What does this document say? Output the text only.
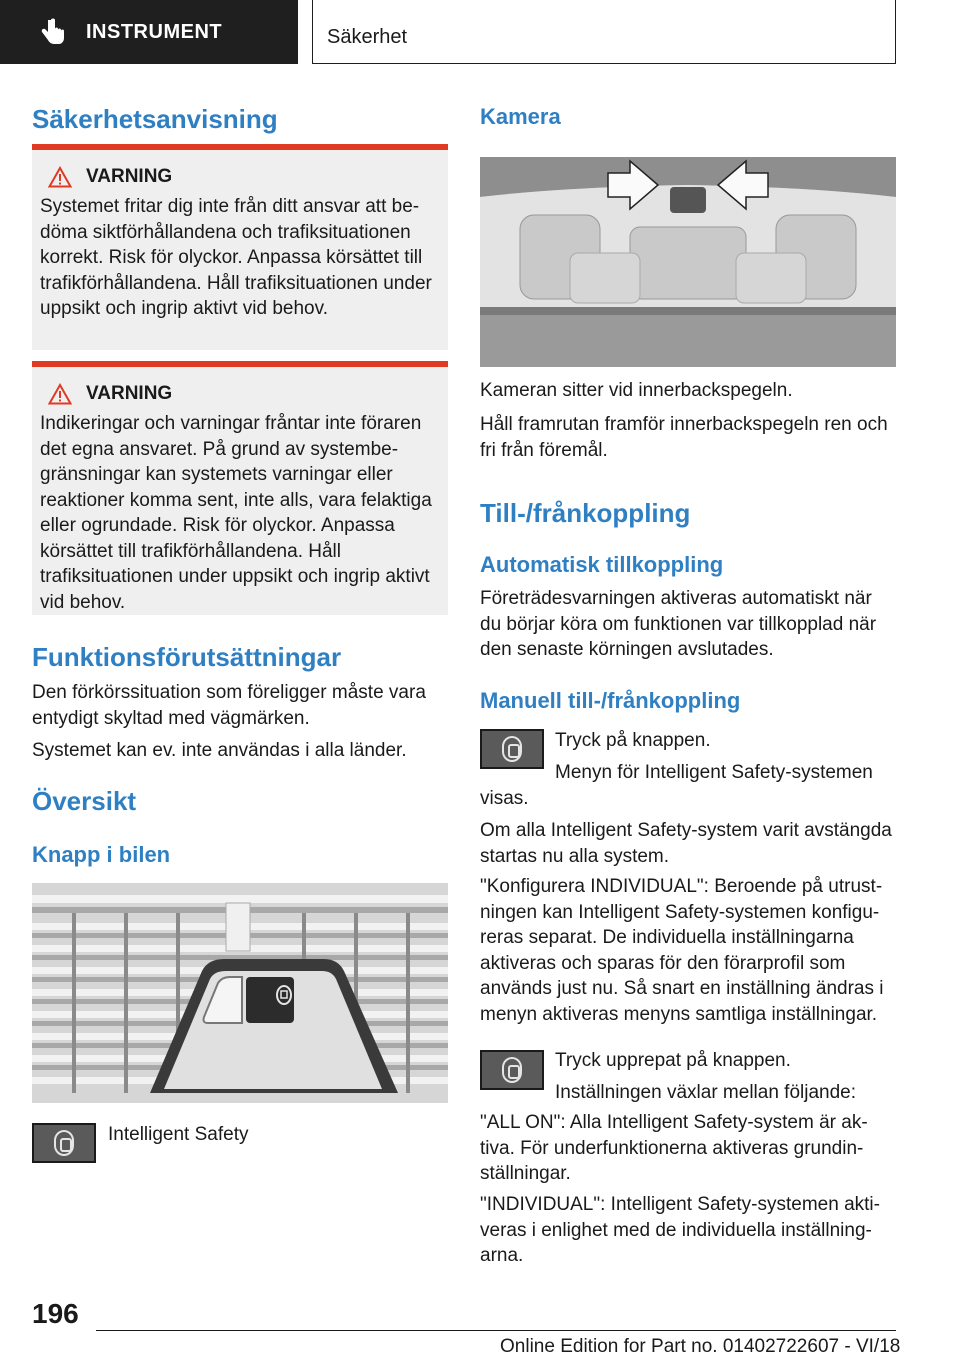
INSTRUMENT	Säkerhet
Säkerhetsanvisning
VARNING
Systemet fritar dig inte från ditt ansvar att bedöma siktförhållandena och trafiksituationen korrekt. Risk för olyckor. Anpassa körsättet till trafikförhållandena. Håll trafiksituationen under uppsikt och ingrip aktivt vid behov.
VARNING
Indikeringar och varningar fråntar inte föraren det egna ansvaret. På grund av systembegränsningar kan systemets varningar eller reaktioner komma sent, inte alls, vara felaktiga eller ogrundade. Risk för olyckor. Anpassa körsättet till trafikförhållandena. Håll trafiksituationen under uppsikt och ingrip aktivt vid behov.
Funktionsförutsättningar
Den förkörssituation som föreligger måste vara entydigt skyltad med vägmärken.
Systemet kan ev. inte användas i alla länder.
Översikt
Knapp i bilen
Intelligent Safety
Kamera
Kameran sitter vid innerbackspegeln.
Håll framrutan framför innerbackspegeln ren och fri från föremål.
Till-/frånkoppling
Automatisk tillkoppling
Företrädesvarningen aktiveras automatiskt när du börjar köra om funktionen var tillkopplad när den senaste körningen avslutades.
Manuell till-/frånkoppling
Tryck på knappen.
Menyn för Intelligent Safety-systemen
visas.
Om alla Intelligent Safety-system varit avstängda startas nu alla system.
"Konfigurera INDIVIDUAL": Beroende på utrustningen kan Intelligent Safety-systemen konfigureras separat. De individuella inställningarna aktiveras och sparas för den förarprofil som används just nu. Så snart en inställning ändras i menyn aktiveras menyns samtliga inställningar.
Tryck upprepat på knappen.
Inställningen växlar mellan följande:
"ALL ON": Alla Intelligent Safety-system är aktiva. För underfunktionerna aktiveras grundinställningar.
"INDIVIDUAL": Intelligent Safety-systemen aktiveras i enlighet med de individuella inställningarna.
196
Online Edition for Part no. 01402722607 - VI/18
